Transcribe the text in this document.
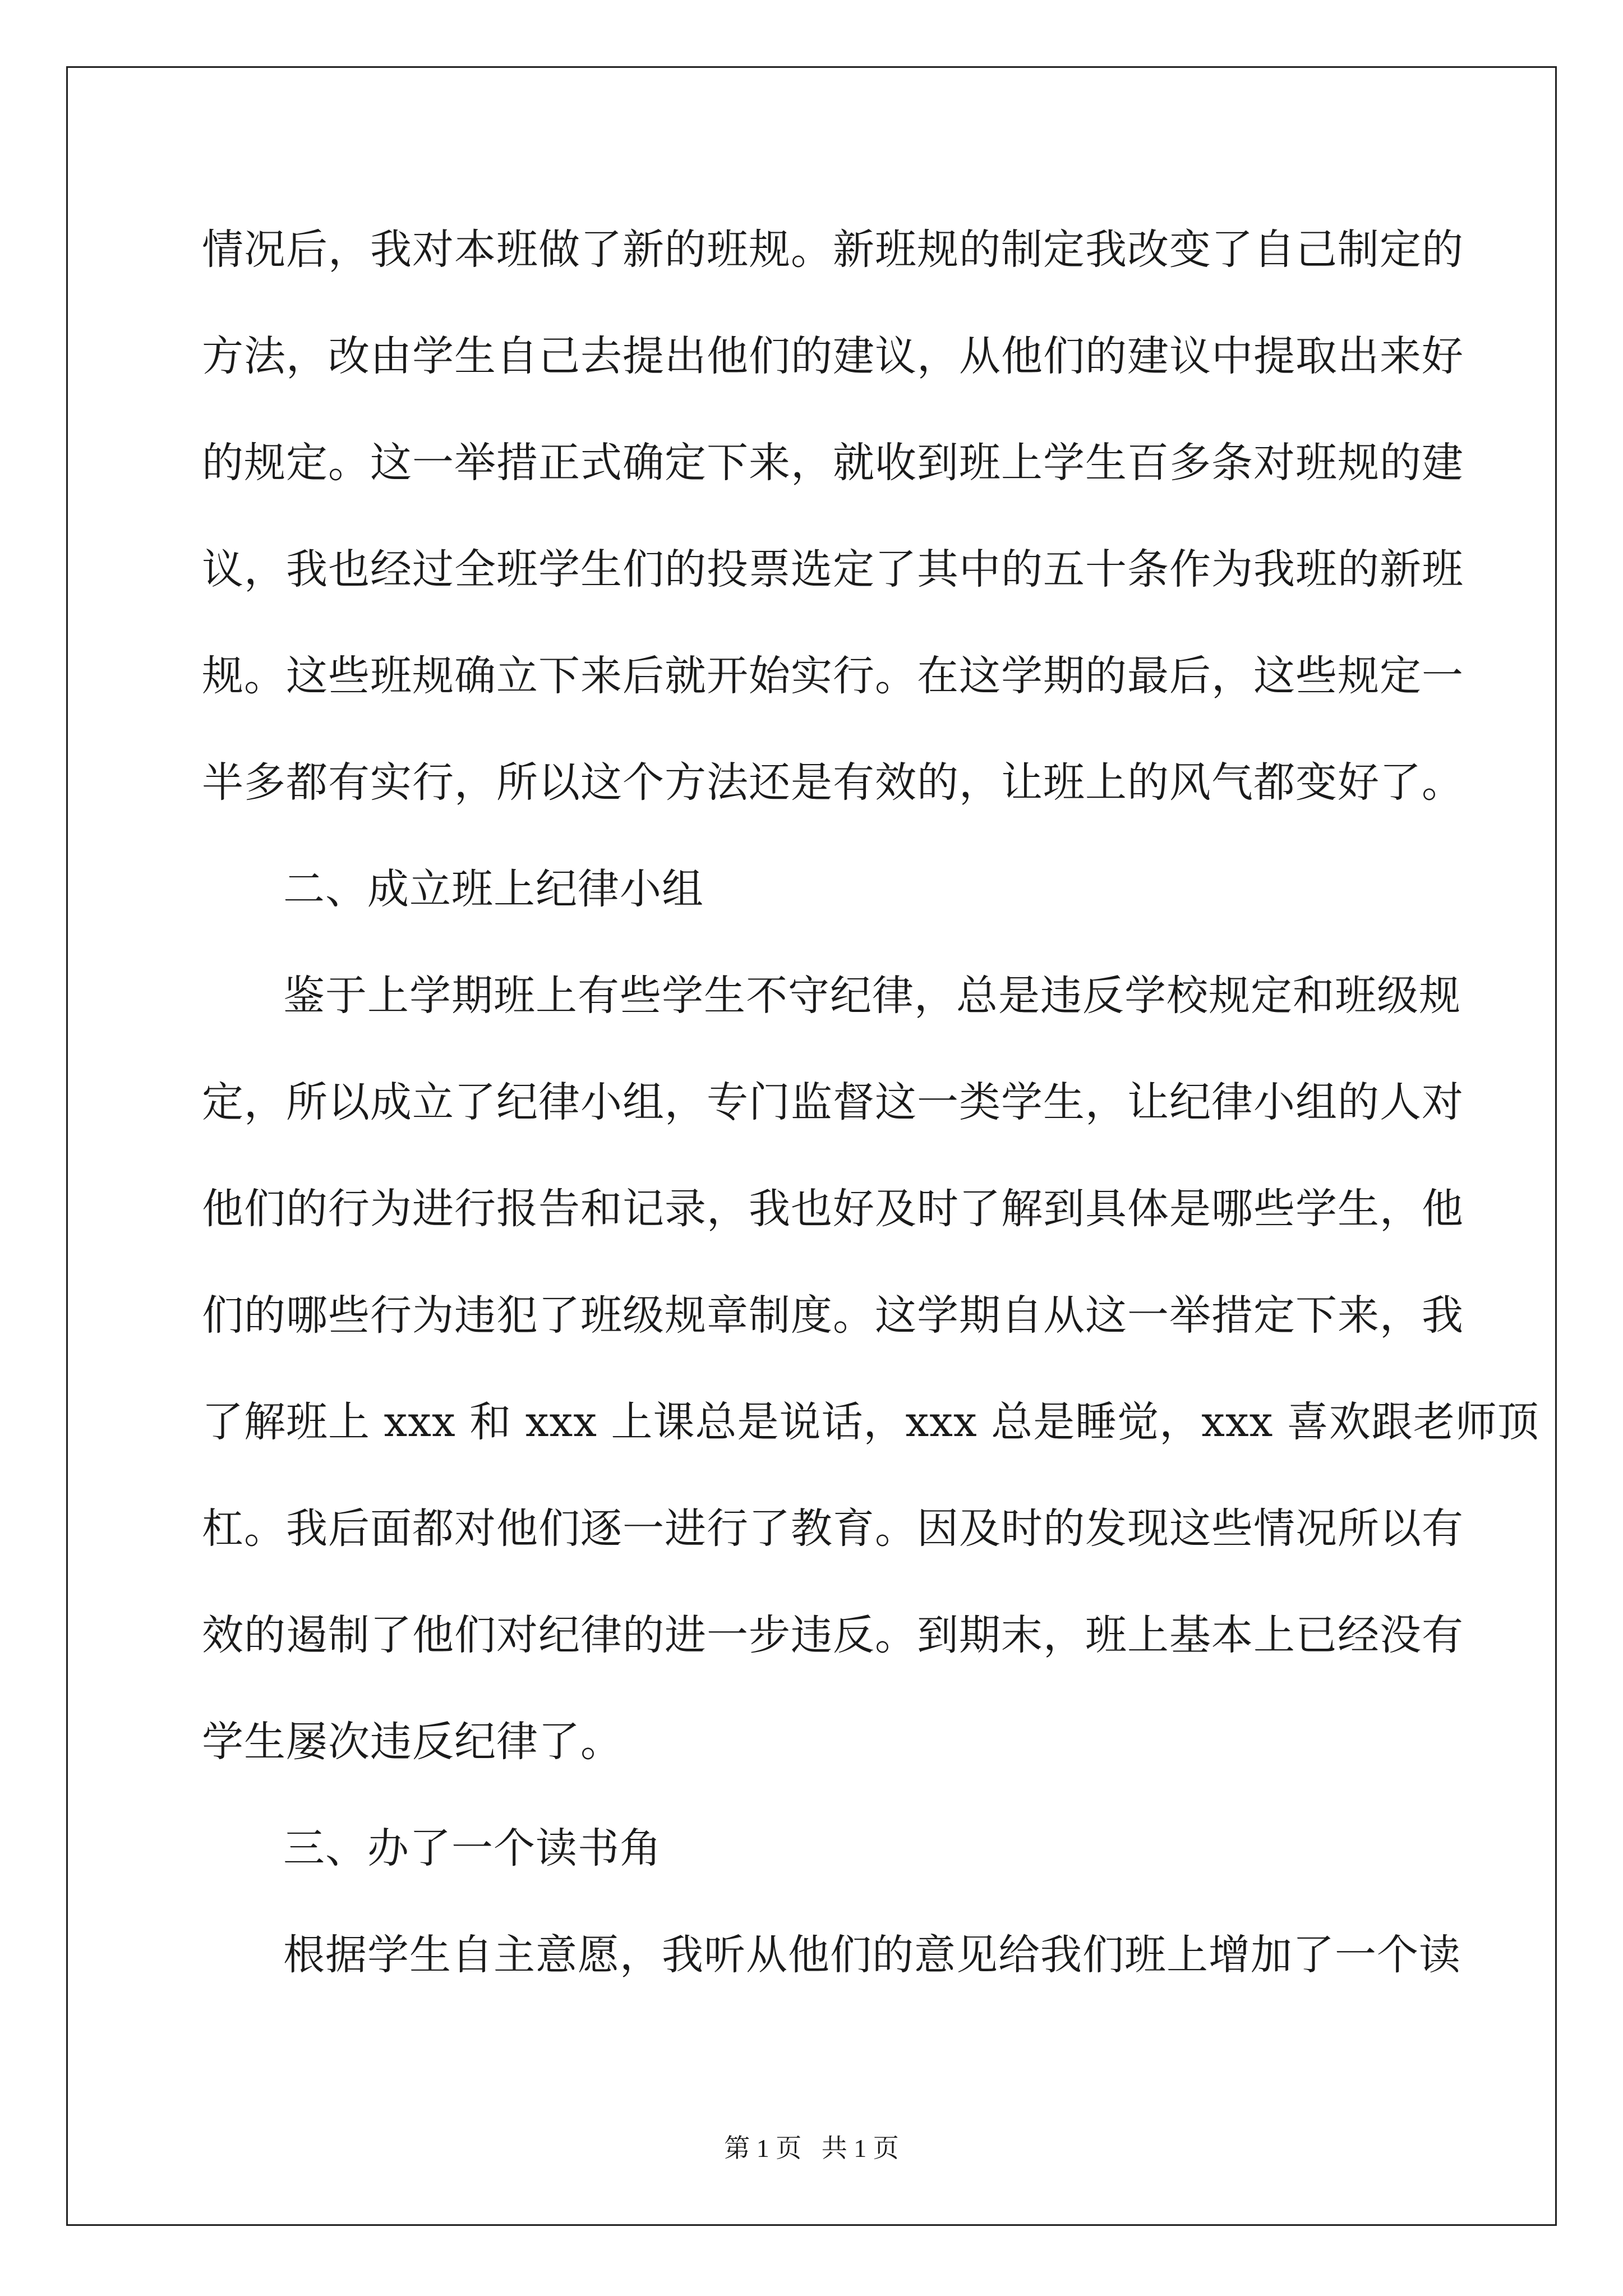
情况后，我对本班做了新的班规。新班规的制定我改变了自己制定的
方法，改由学生自己去提出他们的建议，从他们的建议中提取出来好
的规定。这一举措正式确定下来，就收到班上学生百多条对班规的建
议，我也经过全班学生们的投票选定了其中的五十条作为我班的新班
规。这些班规确立下来后就开始实行。在这学期的最后，这些规定一
半多都有实行，所以这个方法还是有效的，让班上的风气都变好了。
二、成立班上纪律小组
鉴于上学期班上有些学生不守纪律，总是违反学校规定和班级规
定，所以成立了纪律小组，专门监督这一类学生，让纪律小组的人对
他们的行为进行报告和记录，我也好及时了解到具体是哪些学生，他
们的哪些行为违犯了班级规章制度。这学期自从这一举措定下来，我
了解班上 xxx 和 xxx 上课总是说话，xxx 总是睡觉，xxx 喜欢跟老师顶
杠。我后面都对他们逐一进行了教育。因及时的发现这些情况所以有
效的遏制了他们对纪律的进一步违反。到期末，班上基本上已经没有
学生屡次违反纪律了。
三、办了一个读书角
根据学生自主意愿，我听从他们的意见给我们班上增加了一个读
第 1 页 共 1 页
